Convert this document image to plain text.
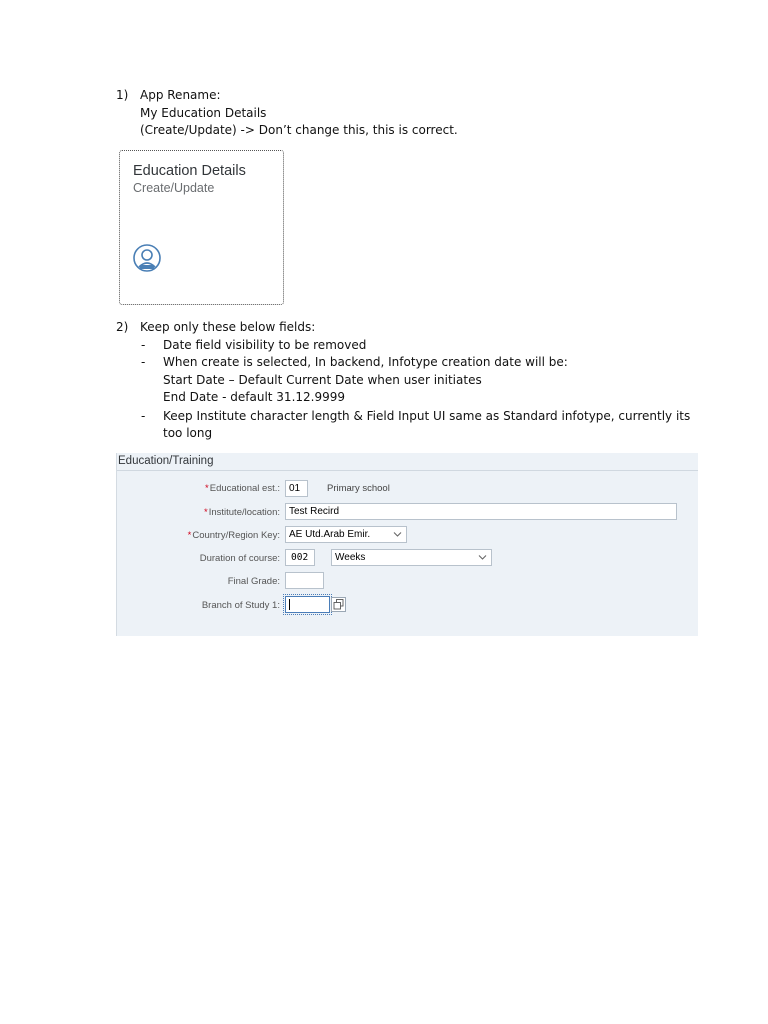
1) App Rename:
My Education Details
(Create/Update) -> Don’t change this, this is correct.
Education Details
Create/Update
2) Keep only these below fields:
- Date field visibility to be removed
- When create is selected, In backend, Infotype creation date will be:
Start Date – Default Current Date when user initiates
End Date - default 31.12.9999
- Keep Institute character length & Field Input UI same as Standard infotype, currently its
too long
Education/Training
*Educational est.: 01	Primary school
*Institute/location: Test Recird
*Country/Region Key: AE Utd.Arab Emir.
Duration of course:	002	Weeks
Final Grade:
Branch of Study 1:
